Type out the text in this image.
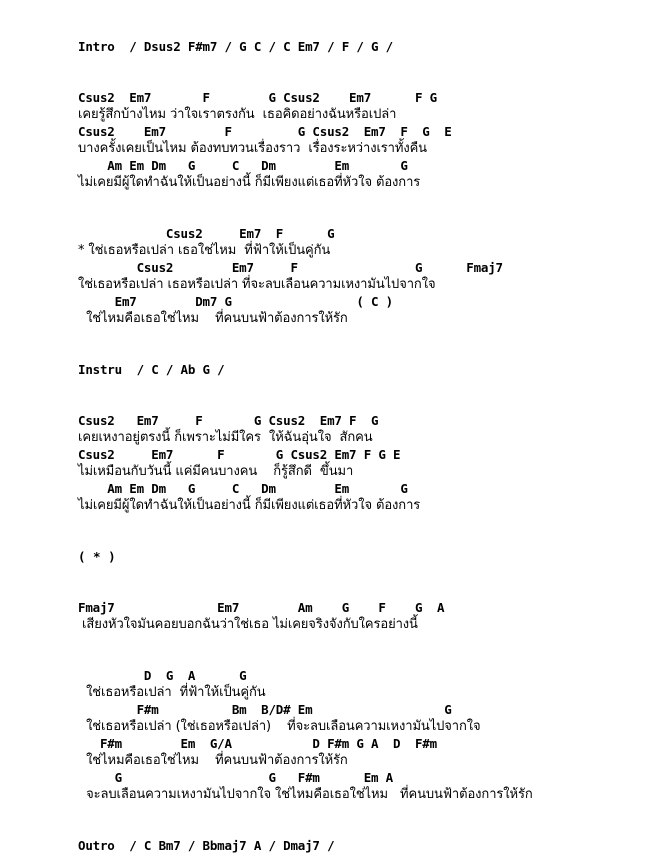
Intro  / Dsus2 F#m7 / G C / C Em7 / F / G /
Csus2  Em7       F        G Csus2    Em7      F G
เคยรู้สึกบ้างไหม ว่าใจเราตรงกัน  เธอคิดอย่างฉันหรือเปล่า
Csus2    Em7        F         G Csus2  Em7  F  G  E
บางครั้งเคยเป็นไหม ต้องทบทวนเรื่องราว  เรื่องระหว่างเราทั้งคืน
Am Em Dm   G     C   Dm        Em       G
ไม่เคยมีผู้ใดทำฉันให้เป็นอย่างนี้ ก็มีเพียงแต่เธอที่หัวใจ ต้องการ
Csus2     Em7  F      G
* ใช่เธอหรือเปล่า เธอใช่ไหม  ที่ฟ้าให้เป็นคู่กัน
Csus2        Em7     F                G      Fmaj7
ใช่เธอหรือเปล่า เธอหรือเปล่า ที่จะลบเลือนความเหงามันไปจากใจ
Em7        Dm7 G                 ( C )
ใช่ไหมคือเธอใช่ไหม    ที่คนบนฟ้าต้องการให้รัก
Instru  / C / Ab G /
Csus2   Em7     F       G Csus2  Em7 F  G
เคยเหงาอยู่ตรงนี้ ก็เพราะไม่มีใคร  ให้ฉันอุ่นใจ  สักคน
Csus2     Em7      F       G Csus2 Em7 F G E
ไม่เหมือนกับวันนี้ แค่มีคนบางคน    ก็รู้สึกดี  ขึ้นมา
Am Em Dm   G     C   Dm        Em       G
ไม่เคยมีผู้ใดทำฉันให้เป็นอย่างนี้ ก็มีเพียงแต่เธอที่หัวใจ ต้องการ
( * )
Fmaj7              Em7        Am    G    F    G  A
เสียงหัวใจมันคอยบอกฉันว่าใช่เธอ ไม่เคยจริงจังกับใครอย่างนี้
D  G  A      G
ใช่เธอหรือเปล่า  ที่ฟ้าให้เป็นคู่กัน
F#m          Bm  B/D# Em                  G
ใช่เธอหรือเปล่า (ใช่เธอหรือเปล่า)    ที่จะลบเลือนความเหงามันไปจากใจ
F#m        Em  G/A           D F#m G A  D  F#m
ใช่ไหมคือเธอใช่ไหม    ที่คนบนฟ้าต้องการให้รัก
G                    G   F#m      Em A
จะลบเลือนความเหงามันไปจากใจ ใช่ไหมคือเธอใช่ไหม   ที่คนบนฟ้าต้องการให้รัก
Outro  / C Bm7 / Bbmaj7 A / Dmaj7 /
